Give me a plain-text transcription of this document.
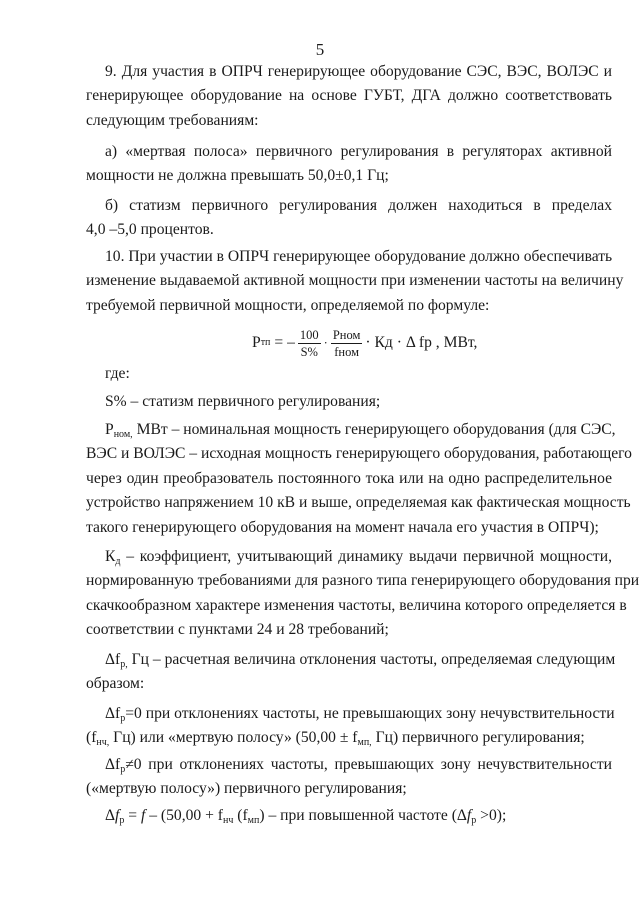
5
9. Для участия в ОПРЧ генерирующее оборудование СЭС, ВЭС, ВОЛЭС и
генерирующее оборудование на основе ГУБТ, ДГА должно соответствовать
следующим требованиям:
а) «мертвая полоса» первичного регулирования в регуляторах активной
мощности не должна превышать 50,0±0,1 Гц;
б) статизм первичного регулирования должен находиться в пределах
4,0 –5,0 процентов.
10. При участии в ОПРЧ генерирующее оборудование должно обеспечивать
изменение выдаваемой активной мощности при изменении частоты на величину
требуемой первичной мощности, определяемой по формуле:
Р тп = – $\frac{100}{S\%} \cdot \frac{\text{Pном}}{\text{fном}}$ · Кд · Δ fр , МВт,
где:
S% – статизм первичного регулирования;
$Р_{ном,}$ МВт – номинальная мощность генерирующего оборудования (для СЭС,
ВЭС и ВОЛЭС – исходная мощность генерирующего оборудования, работающего
через один преобразователь постоянного тока или на одно распределительное
устройство напряжением 10 кВ и выше, определяемая как фактическая мощность
такого генерирующего оборудования на момент начала его участия в ОПРЧ);
$К_д$ – коэффициент, учитывающий динамику выдачи первичной мощности,
нормированную требованиями для разного типа генерирующего оборудования при
скачкообразном характере изменения частоты, величина которого определяется в
соответствии с пунктами 24 и 28 требований;
$\Delta f_{р,}$ Гц – расчетная величина отклонения частоты, определяемая следующим
образом:
$\Delta f_р=0$ при отклонениях частоты, не превышающих зону нечувствительности
($f_{нч,}$ Гц) или «мертвую полосу» ($50,00 \pm f_{мп,}$ Гц) первичного регулирования;
$\Delta f_р\ne 0$ при отклонениях частоты, превышающих зону нечувствительности
(«мертвую полосу») первичного регулирования;
$\Delta f_р = f - (50,00 + f_{нч}$ $(f_{мп})$ – при повышенной частоте $(\Delta f_р >0)$;
